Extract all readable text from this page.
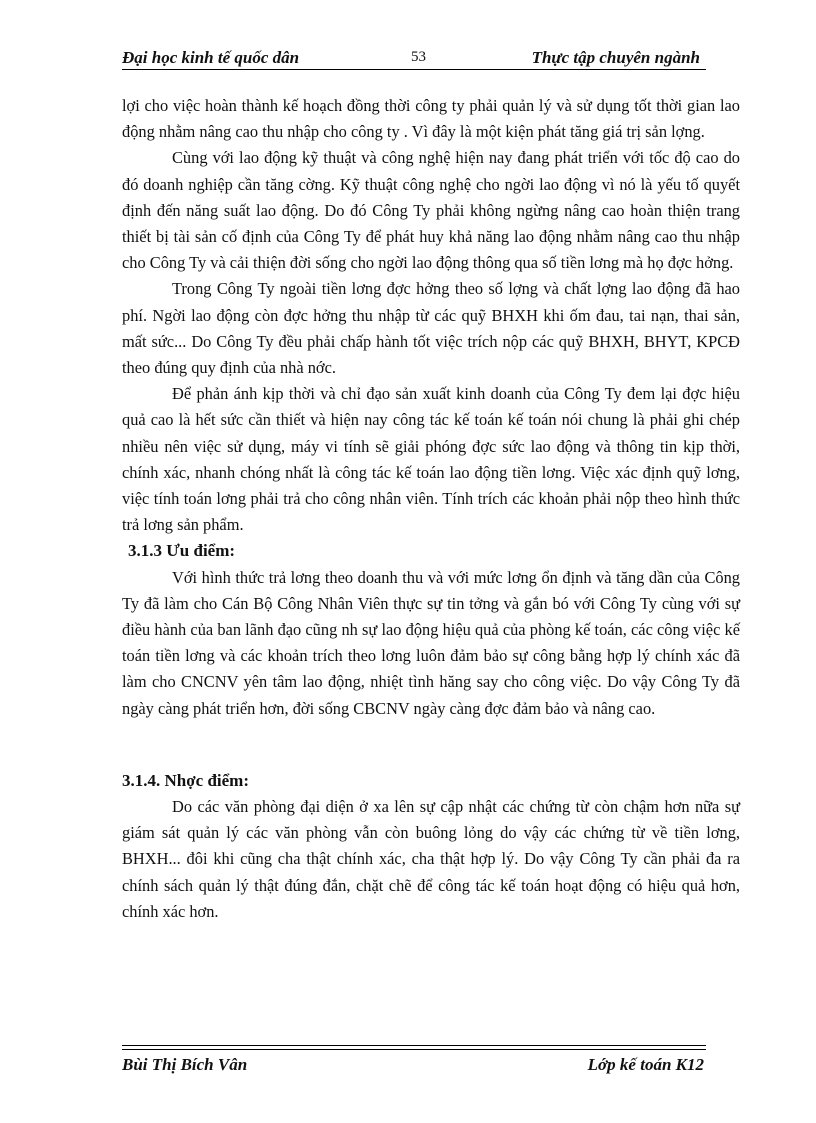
Đại học kinh tế quốc dân	53	Thực tập chuyên ngành

lợi cho việc hoàn thành kế hoạch đồng thời công ty phải quản lý và sử dụng tốt thời gian lao động nhằm nâng cao thu nhập cho công ty . Vì đây là một kiện phát tăng giá trị sản lợng.

Cùng với lao động kỹ thuật và công nghệ hiện nay đang phát triển với tốc độ cao do đó doanh nghiệp cần tăng cờng. Kỹ thuật công nghệ cho ngời lao động vì nó là yếu tố quyết định đến năng suất lao động. Do đó Công Ty phải không ngừng nâng cao hoàn thiện trang thiết bị tài sản cố định của Công Ty để phát huy khả năng lao động nhằm nâng cao thu nhập cho Công Ty và cải thiện đời sống cho ngời lao động thông qua số tiền lơng mà họ đợc hởng.

Trong Công Ty ngoài tiền lơng đợc hởng theo số lợng và chất lợng lao động đã hao phí. Ngời lao động còn đợc hởng thu nhập từ các quỹ BHXH khi ốm đau, tai nạn, thai sản, mất sức... Do Công Ty đều phải chấp hành tốt việc trích nộp các quỹ BHXH, BHYT, KPCĐ theo đúng quy định của nhà nớc.

Để phản ánh kịp thời và chỉ đạo sản xuất kinh doanh của Công Ty đem lại đợc hiệu quả cao là hết sức cần thiết và hiện nay công tác kế toán kế toán nói chung là phải ghi chép nhiều nên việc sử dụng, máy vi tính sẽ giải phóng đợc sức lao động và thông tin kịp thời, chính xác, nhanh chóng nhất là công tác kế toán lao động tiền lơng. Việc xác định quỹ lơng, việc tính toán lơng phải trả cho công nhân viên. Tính trích các khoản phải nộp theo hình thức trả lơng sản phẩm.

3.1.3 Ưu điểm:

Với hình thức trả lơng theo doanh thu và với mức lơng ổn định và tăng dần của Công Ty đã làm cho Cán Bộ Công Nhân Viên thực sự tin tởng và gắn bó với Công Ty cùng với sự điều hành của ban lãnh đạo cũng nh sự lao động hiệu quả của phòng kế toán, các công việc kế toán tiền lơng và các khoản trích theo lơng luôn đảm bảo sự công bằng hợp lý chính xác đã làm cho CNCNV yên tâm lao động, nhiệt tình hăng say cho công việc. Do vậy Công Ty đã ngày càng phát triển hơn, đời sống CBCNV ngày càng đợc đảm bảo và nâng cao.

3.1.4. Nhợc điểm:

Do các văn phòng đại diện ở xa lên sự cập nhật các chứng từ còn chậm hơn nữa sự giám sát quản lý các văn phòng vẫn còn buông lỏng do vậy các chứng từ về tiền lơng, BHXH... đôi khi cũng cha thật chính xác, cha thật hợp lý. Do vậy Công Ty cần phải đa ra chính sách quản lý thật đúng đắn, chặt chẽ để công tác kế toán hoạt động có hiệu quả hơn, chính xác hơn.

Bùi Thị Bích Vân	Lớp kế toán K12
